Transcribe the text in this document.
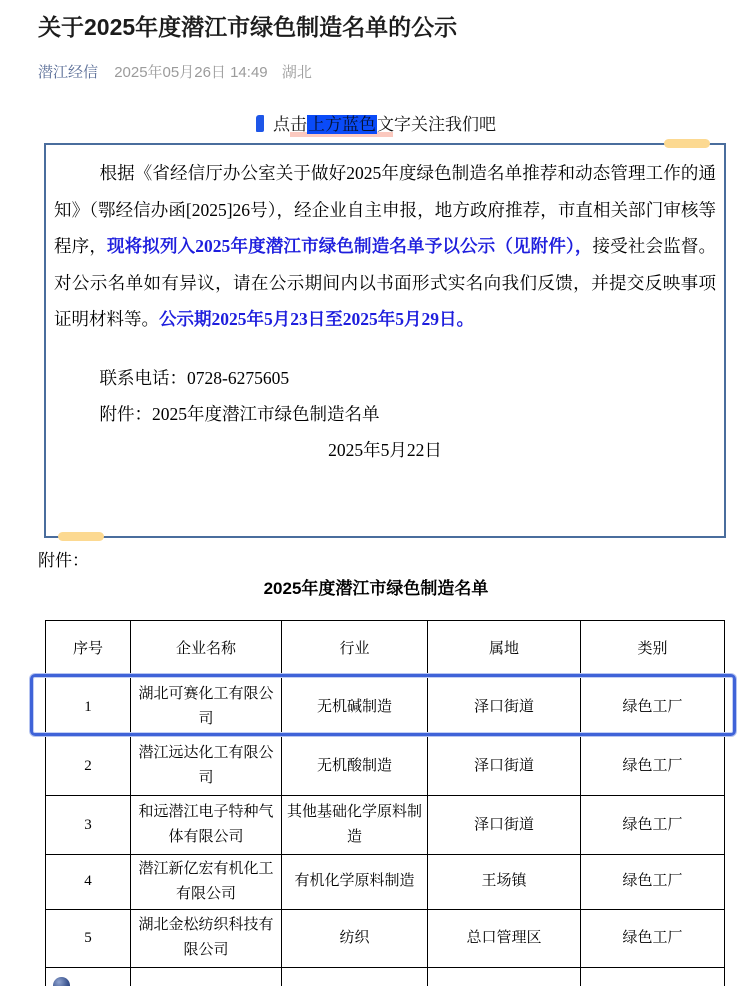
关于2025年度潜江市绿色制造名单的公示
潜江经信 2025年05月26日 14:49 湖北
点击上方蓝色文字关注我们吧

根据《省经信厅办公室关于做好2025年度绿色制造名单推荐和动态管理工作的通知》（鄂经信办函[2025]26号），经企业自主申报，地方政府推荐，市直相关部门审核等程序，现将拟列入2025年度潜江市绿色制造名单予以公示（见附件），接受社会监督。对公示名单如有异议，请在公示期间内以书面形式实名向我们反馈，并提交反映事项证明材料等。公示期2025年5月23日至2025年5月29日。

联系电话：0728-6275605

附件：2025年度潜江市绿色制造名单

2025年5月22日

附件：
2025年度潜江市绿色制造名单
序号	企业名称	行业	属地	类别
1	湖北可赛化工有限公司	无机碱制造	泽口街道	绿色工厂
2	潜江远达化工有限公司	无机酸制造	泽口街道	绿色工厂
3	和远潜江电子特种气体有限公司	其他基础化学原料制造	泽口街道	绿色工厂
4	潜江新亿宏有机化工有限公司	有机化学原料制造	王场镇	绿色工厂
5	湖北金松纺织科技有限公司	纺织	总口管理区	绿色工厂
